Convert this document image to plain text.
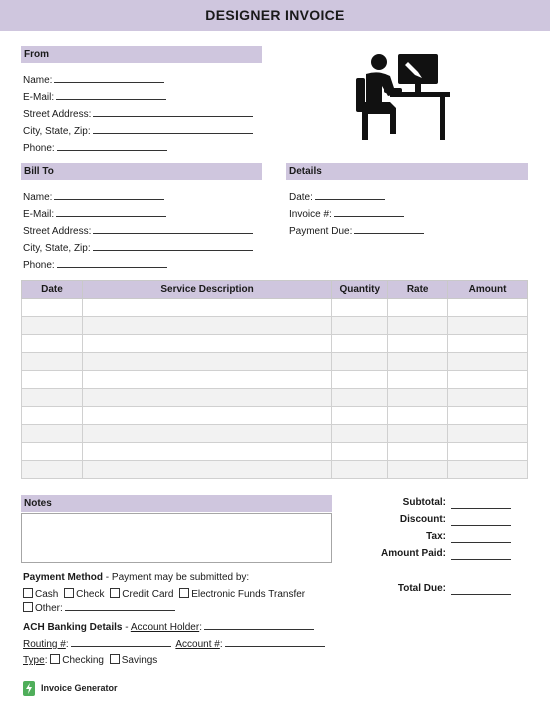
DESIGNER INVOICE
From
Name:
E-Mail:
Street Address:
City, State, Zip:
Phone:
Bill To
Name:
E-Mail:
Street Address:
City, State, Zip:
Phone:
Details
Date:
Invoice #:
Payment Due:
Date	Service Description	Quantity	Rate	Amount

Notes	Subtotal:
Discount:
Tax:
Amount Paid:
Total Due:
Payment Method - Payment may be submitted by:
Cash Check Credit Card Electronic Funds Transfer
Other:
ACH Banking Details - Account Holder:
Routing #:	Account #:
Type: Checking Savings
Invoice Generator
